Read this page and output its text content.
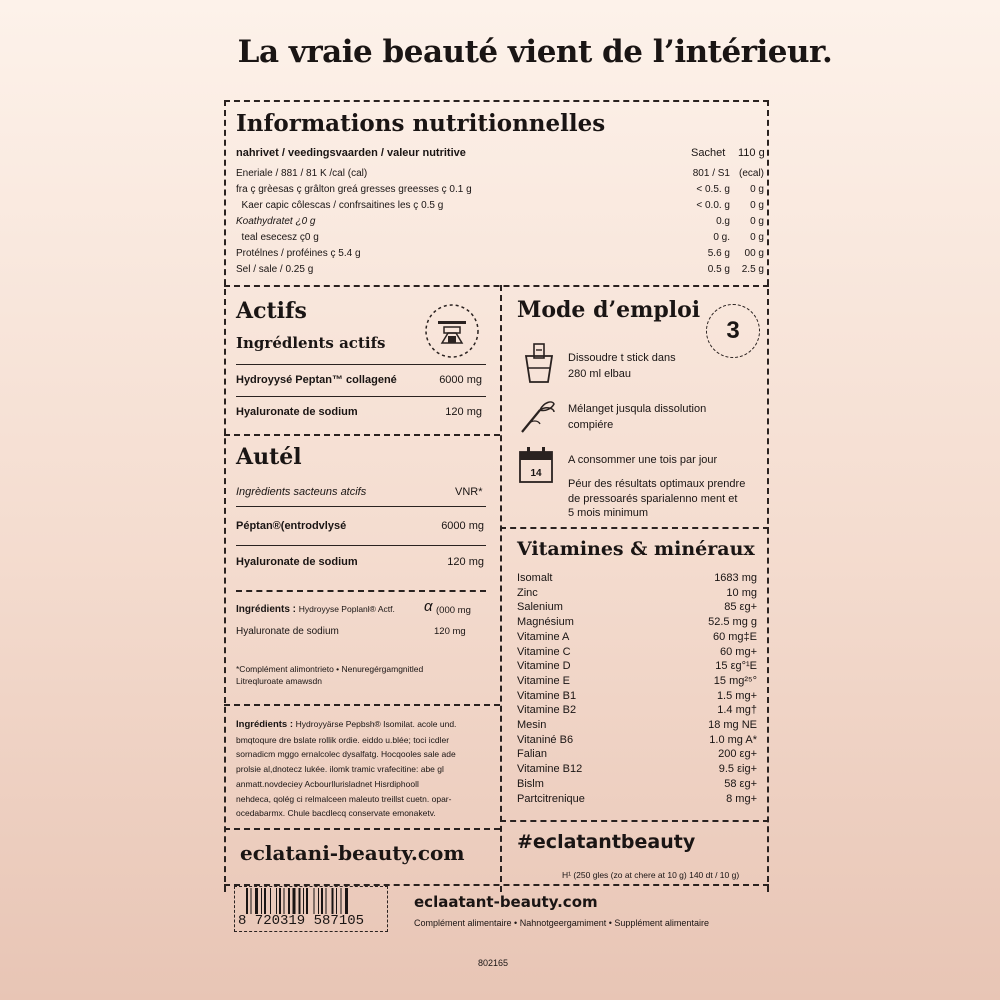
La vraie beauté vient de l’intérieur.
Informations nutritionnelles
nahrivet / veedingsvaarden / valeur nutritive	Sachet 110 g
Eneriale / 881 / 81 K /cal (cal)	801 / S1 (ecal)
fra ç grèesas ç grâlton greá gresses greesses ç 0.1 g	< 0.5. g 0 g
Kaer capic côlescas / confrsaitines les ç 0.5 g	< 0.0. g 0 g
Koathydratet ¿0 g	0.g 0 g
teal esecesz ç0 g	0 g. 0 g
Protélnes / proféines ç 5.4 g	5.6 g 00 g
Sel / sale / 0.25 g	0.5 g 2.5 g
Actifs
Ingrédlents actifs
Hydroyysé Peptan™ collagené	6000 mg
Hyaluronate de sodium	120 mg
Autél
Ingrèdients sacteuns atcifs	VNR*
Péptan®(entrodvlysé	6000 mg
Hyaluronate de sodium	120 mg
Ingrédients : Hydroyyse Poplanl® Actf. α (000 mg
Hyaluronate de sodium	120 mg
*Complément alimontrieto • Nenuregérgamgnitled
Litreqluroate amawsdn
Ingrédients : Hydroyyärse Pepbsh® Isomilat. acole und.
bmqtoqure dre bslate rollik ordie. eiddo u.blée; toci icdler
sornadicm mggo ernalcolec dysalfatg. Hocqooles sale ade
prolsie al,dnotecz lukée. ilomk tramic vrafecitine: abe gl
anmatt.novdeciey Acbourllurisladnet Hisrdiphooll
nehdeca, qolég ci relmalceen maleuto treillst cuetn. opar-
ocedabarmx. Chule bacdlecq conservate emonaketv.
eclatani-beauty.com
Mode d’emploi
3
Dissoudre t stick dans
280 ml elbau
Mélanget jusqula dissolution
compiére
14
A consommer une tois par jour
Péur des résultats optimaux prendre
de pressoarés sparialenno ment et
5 mois minimum
Vitamines & minéraux
Isomalt	1683 mg
Zinc	10 mg
Salenium	85 εg+
Magnésium	52.5 mg g
Vitamine A	60 mg‡E
Vitamine C	60 mg+
Vitamine D	15 εg°¹E
Vitamine E	15 mg²⁵°
Vitamine B1	1.5 mg+
Vitamine B2	1.4 mg†
Mesin	18 mg NE
Vitaniné B6	1.0 mg A*
Falian	200 εg+
Vitamine B12	9.5 εig+
Bislm	58 εg+
Partcitrenique	8 mg+
#eclatantbeauty
H¹ (250 gles (zo at chere at 10 g) 140 dt / 10 g)
8 720319 587105
eclaatant-beauty.com
Complément alimentaire • Nahnotgeergamiment • Supplément alimentaire
802165
